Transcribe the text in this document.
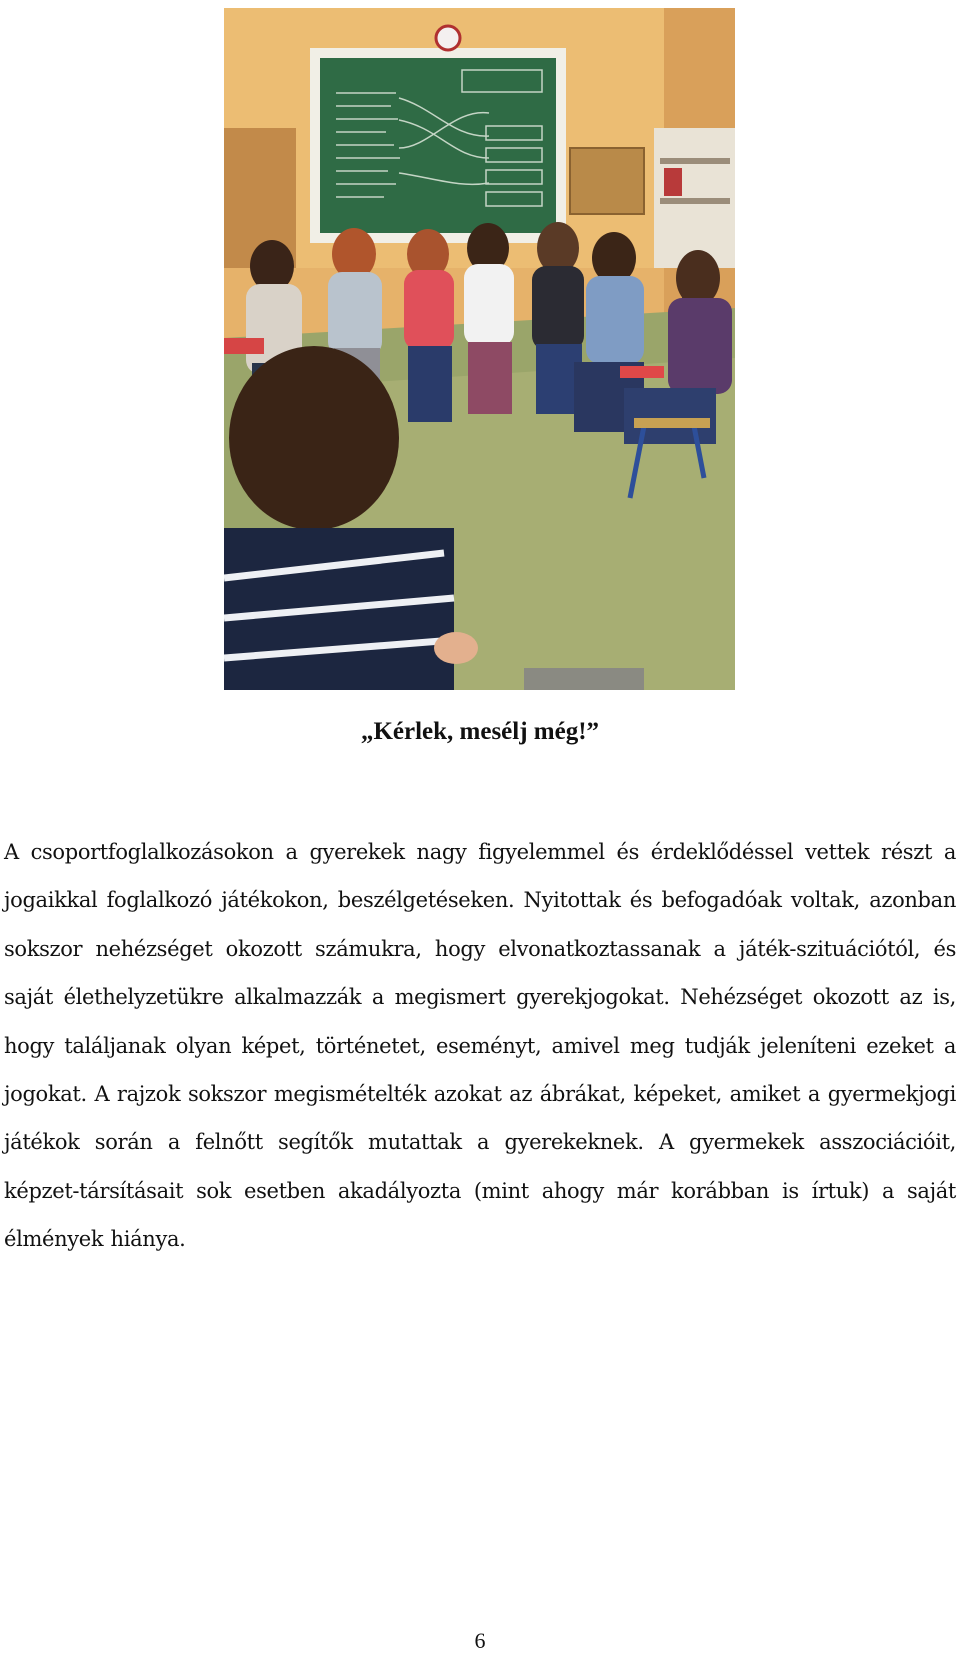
„Kérlek, mesélj még!”

A csoportfoglalkozásokon a gyerekek nagy figyelemmel és érdeklődéssel vettek részt a jogaikkal foglalkozó játékokon, beszélgetéseken. Nyitottak és befogadóak voltak, azonban sokszor nehézséget okozott számukra, hogy elvonatkoztassanak a játék-szituációtól, és saját élethelyzetükre alkalmazzák a megismert gyerekjogokat. Nehézséget okozott az is, hogy találjanak olyan képet, történetet, eseményt, amivel meg tudják jeleníteni ezeket a jogokat. A rajzok sokszor megismételték azokat az ábrákat, képeket, amiket a gyermekjogi játékok során a felnőtt segítők mutattak a gyerekeknek. A gyermekek asszociációit, képzet-társításait sok esetben akadályozta (mint ahogy már korábban is írtuk) a saját élmények hiánya.

6
